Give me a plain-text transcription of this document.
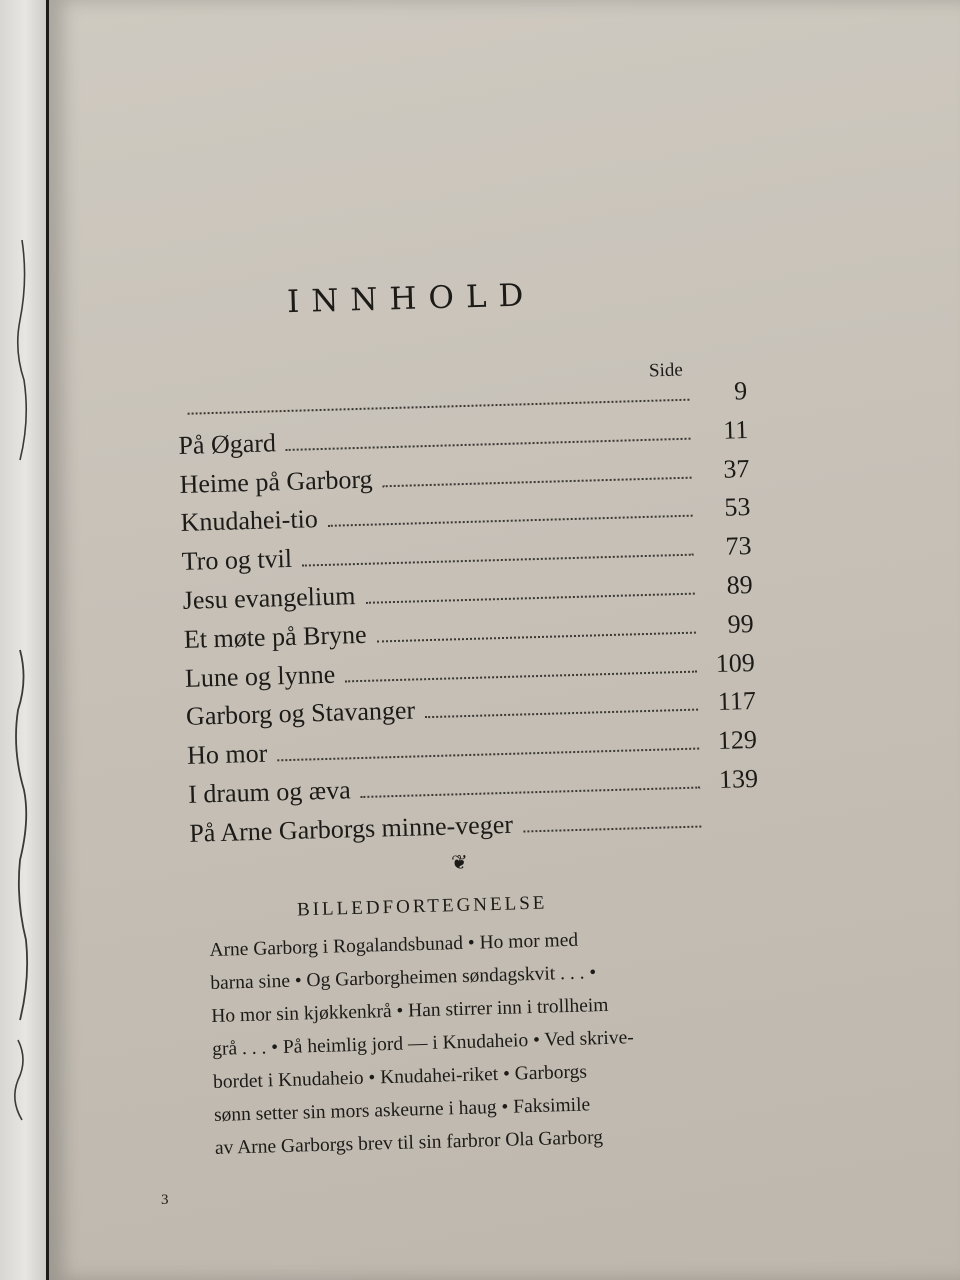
INNHOLD
Side
9
På Øgard	11
Heime på Garborg	37
Knudahei-tio	53
Tro og tvil	73
Jesu evangelium	89
Et møte på Bryne	99
Lune og lynne	109
Garborg og Stavanger	117
Ho mor	129
I draum og æva	139
På Arne Garborgs minne-veger
❦
BILLEDFORTEGNELSE
Arne Garborg i Rogalandsbunad • Ho mor med
barna sine • Og Garborgheimen søndagskvit . . . •
Ho mor sin kjøkkenkrå • Han stirrer inn i trollheim
grå . . . • På heimlig jord — i Knudaheio • Ved skrive-
bordet i Knudaheio • Knudahei-riket • Garborgs
sønn setter sin mors askeurne i haug • Faksimile
av Arne Garborgs brev til sin farbror Ola Garborg
3
